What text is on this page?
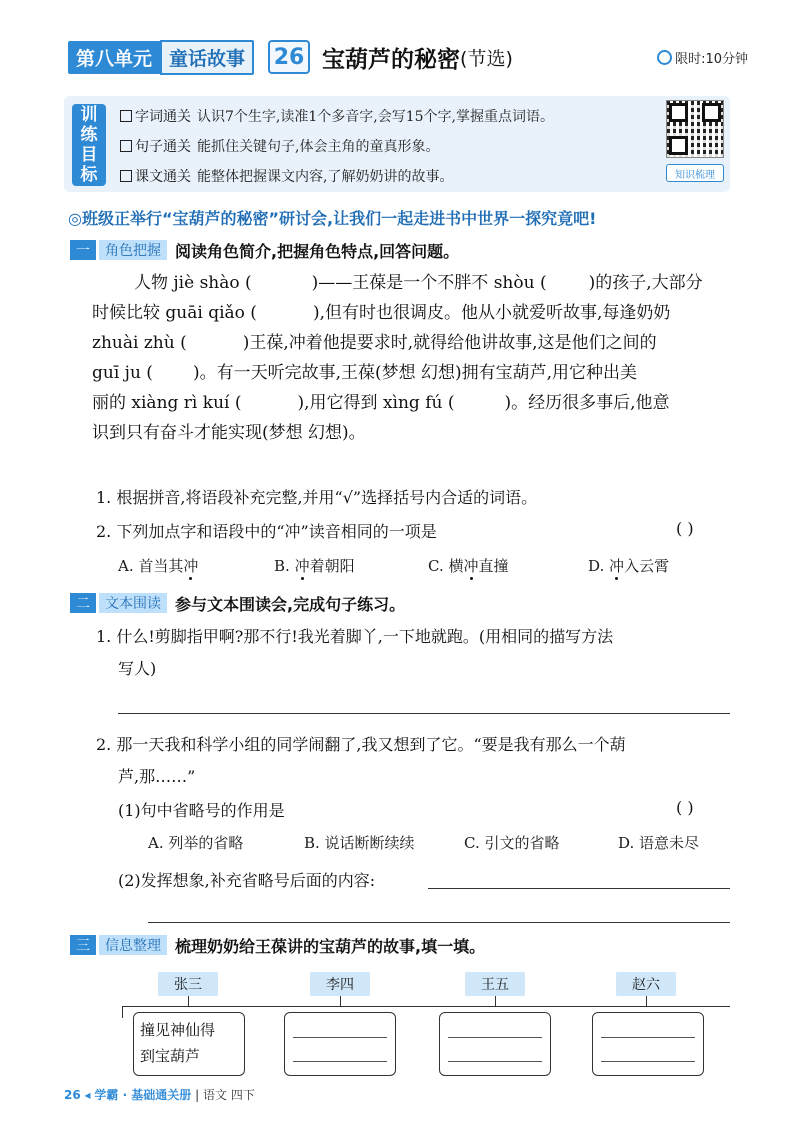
第八单元 童话故事	26 宝葫芦的秘密 (节选)	限时:10分钟
训
练
目
标
字词通关 认识7个生字,读准1个多音字,会写15个字,掌握重点词语。
句子通关 能抓住关键句子,体会主角的童真形象。
课文通关 能整体把握课文内容,了解奶奶讲的故事。	知识梳理
◎班级正举行“宝葫芦的秘密”研讨会,让我们一起走进书中世界一探究竟吧!
一	角色把握 阅读角色简介,把握角色特点,回答问题。
人物 jiè shào (	)——王葆是一个不胖不 shòu ( )的孩子,大部分
时候比较 guāi qiǎo (	),但有时也很调皮。他从小就爱听故事,每逢奶奶
zhuài zhù (	)王葆,冲着他提要求时,就得给他讲故事,这是他们之间的
guī ju ( )。有一天听完故事,王葆(梦想 幻想)拥有宝葫芦,用它种出美
丽的 xiàng rì kuí (	),用它得到 xìng fú (	)。经历很多事后,他意
识到只有奋斗才能实现(梦想 幻想)。
1. 根据拼音,将语段补充完整,并用“√”选择括号内合适的词语。
2. 下列加点字和语段中的“冲”读音相同的一项是	( )
A. 首当其冲	B. 冲着朝阳	C. 横冲直撞	D. 冲入云霄
二	文本围读 参与文本围读会,完成句子练习。
1. 什么!剪脚指甲啊?那不行!我光着脚丫,一下地就跑。(用相同的描写方法
写人)
2. 那一天我和科学小组的同学闹翻了,我又想到了它。“要是我有那么一个葫
芦,那……”
(1)句中省略号的作用是	( )
A. 列举的省略	B. 说话断断续续	C. 引文的省略	D. 语意未尽
(2)发挥想象,补充省略号后面的内容:
三	信息整理 梳理奶奶给王葆讲的宝葫芦的故事,填一填。
张三	李四	王五	赵六
撞见神仙得
到宝葫芦
26 ◂ 学霸 · 基础通关册 | 语文 四下
